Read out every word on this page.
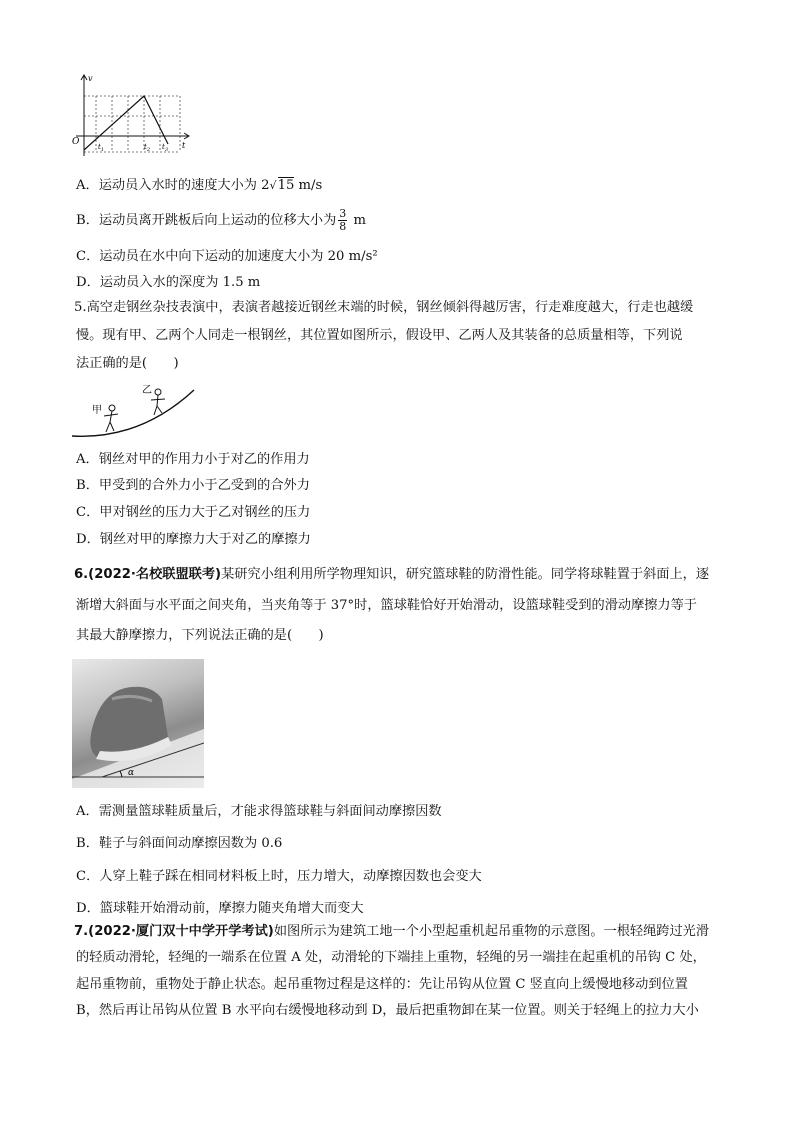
v
t
O	$t_1$	$t_2$ $t_3$
A．运动员入水时的速度大小为 2√15 m/s
B．运动员离开跳板后向上运动的位移大小为 $\frac{3}{8}$ m
C．运动员在水中向下运动的加速度大小为 20 m/s²
D．运动员入水的深度为 1.5 m
5.高空走钢丝杂技表演中，表演者越接近钢丝末端的时候，钢丝倾斜得越厉害，行走难度越大，行走也越缓
慢。现有甲、乙两个人同走一根钢丝，其位置如图所示，假设甲、乙两人及其装备的总质量相等，下列说
法正确的是(　　)
甲
乙
A．钢丝对甲的作用力小于对乙的作用力
B．甲受到的合外力小于乙受到的合外力
C．甲对钢丝的压力大于乙对钢丝的压力
D．钢丝对甲的摩擦力大于对乙的摩擦力
6.(2022·名校联盟联考)某研究小组利用所学物理知识，研究篮球鞋的防滑性能。同学将球鞋置于斜面上，逐
渐增大斜面与水平面之间夹角，当夹角等于 37°时，篮球鞋恰好开始滑动，设篮球鞋受到的滑动摩擦力等于
其最大静摩擦力，下列说法正确的是(　　)
α
A．需测量篮球鞋质量后，才能求得篮球鞋与斜面间动摩擦因数
B．鞋子与斜面间动摩擦因数为 0.6
C．人穿上鞋子踩在相同材料板上时，压力增大，动摩擦因数也会变大
D．篮球鞋开始滑动前，摩擦力随夹角增大而变大
7.(2022·厦门双十中学开学考试)如图所示为建筑工地一个小型起重机起吊重物的示意图。一根轻绳跨过光滑
的轻质动滑轮，轻绳的一端系在位置 A 处，动滑轮的下端挂上重物，轻绳的另一端挂在起重机的吊钩 C 处，
起吊重物前，重物处于静止状态。起吊重物过程是这样的：先让吊钩从位置 C 竖直向上缓慢地移动到位置
B，然后再让吊钩从位置 B 水平向右缓慢地移动到 D，最后把重物卸在某一位置。则关于轻绳上的拉力大小
